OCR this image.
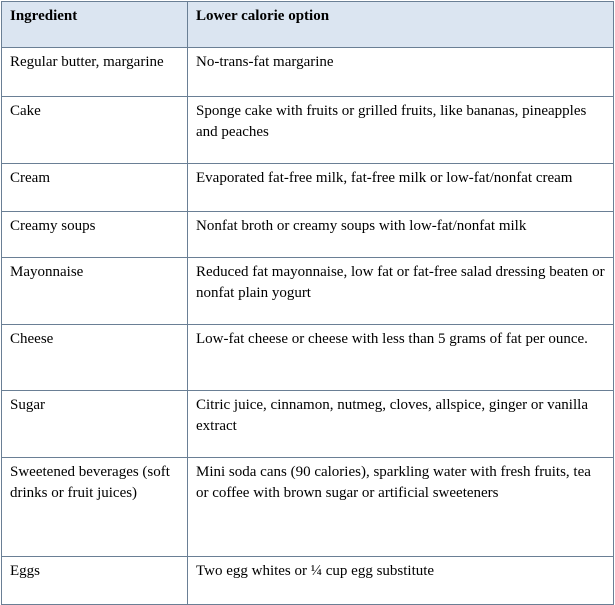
Ingredient	Lower calorie option
Regular butter, margarine	No-trans-fat margarine
Cake	Sponge cake with fruits or grilled fruits, like bananas, pineapples and peaches
Cream	Evaporated fat-free milk, fat-free milk or low-fat/nonfat cream
Creamy soups	Nonfat broth or creamy soups with low-fat/nonfat milk
Mayonnaise	Reduced fat mayonnaise, low fat or fat-free salad dressing beaten or nonfat plain yogurt
Cheese	Low-fat cheese or cheese with less than 5 grams of fat per ounce.
Sugar	Citric juice, cinnamon, nutmeg, cloves, allspice, ginger or vanilla extract
Sweetened beverages (soft drinks or fruit juices)	Mini soda cans (90 calories), sparkling water with fresh fruits, tea or coffee with brown sugar or artificial sweeteners
Eggs	Two egg whites or ¼ cup egg substitute
